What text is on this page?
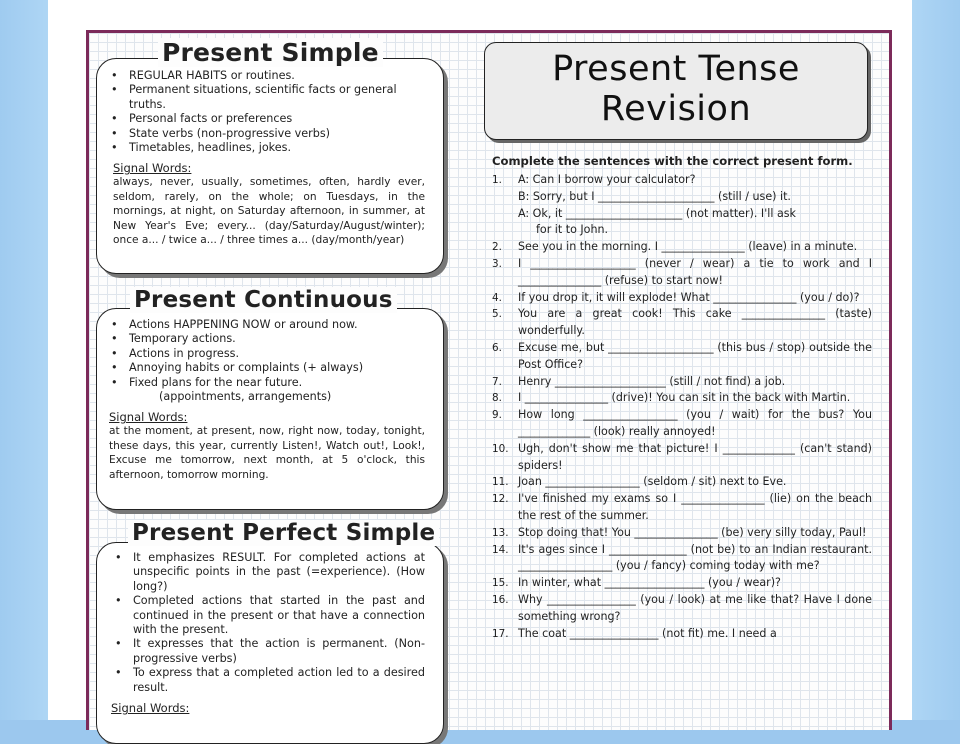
• REGULAR HABITS or routines.
• Permanent situations, scientific facts or general truths.
• Personal facts or preferences
• State verbs (non-progressive verbs)
• Timetables, headlines, jokes.
Signal Words:
always, never, usually, sometimes, often, hardly ever, seldom, rarely, on the whole; on Tuesdays, in the mornings, at night, on Saturday afternoon, in summer, at New Year's Eve; every... (day/Saturday/August/winter); once a... / twice a... / three times a... (day/month/year)
Present Simple
• Actions HAPPENING NOW or around now.
• Temporary actions.
• Actions in progress.
• Annoying habits or complaints (+ always)
• Fixed plans for the near future.
(appointments, arrangements)
Signal Words:
at the moment, at present, now, right now, today, tonight, these days, this year, currently Listen!, Watch out!, Look!, Excuse me tomorrow, next month, at 5 o'clock, this afternoon, tomorrow morning.
Present Continuous
• It emphasizes RESULT. For completed actions at unspecific points in the past (=experience). (How long?)
• Completed actions that started in the past and continued in the present or that have a connection with the present.
• It expresses that the action is permanent. (Non-progressive verbs)
• To express that a completed action led to a desired result.
Signal Words:
Present Perfect Simple
Present Tense
Revision
Complete the sentences with the correct present form.
1.	A: Can I borrow your calculator?
B: Sorry, but I _____________________ (still / use) it.
A: Ok, it _____________________ (not matter). I'll ask
for it to John.
2.	See you in the morning. I _______________ (leave) in a minute.
3.	I ___________________ (never / wear) a tie to work and I _______________ (refuse) to start now!
4.	If you drop it, it will explode! What _______________ (you / do)?
5.	You are a great cook! This cake _______________ (taste) wonderfully.
6.	Excuse me, but ___________________ (this bus / stop) outside the Post Office?
7.	Henry ____________________ (still / not find) a job.
8.	I _______________ (drive)! You can sit in the back with Martin.
9.	How long _________________ (you / wait) for the bus? You _____________ (look) really annoyed!
10. Ugh, don't show me that picture! I _____________ (can't stand) spiders!
11. Joan _________________ (seldom / sit) next to Eve.
12. I've finished my exams so I _______________ (lie) on the beach the rest of the summer.
13. Stop doing that! You _______________ (be) very silly today, Paul!
14. It's ages since I ______________ (not be) to an Indian restaurant. _________________ (you / fancy) coming today with me?
15. In winter, what __________________ (you / wear)?
16. Why ________________ (you / look) at me like that? Have I done something wrong?
17. The coat ________________ (not fit) me. I need a
